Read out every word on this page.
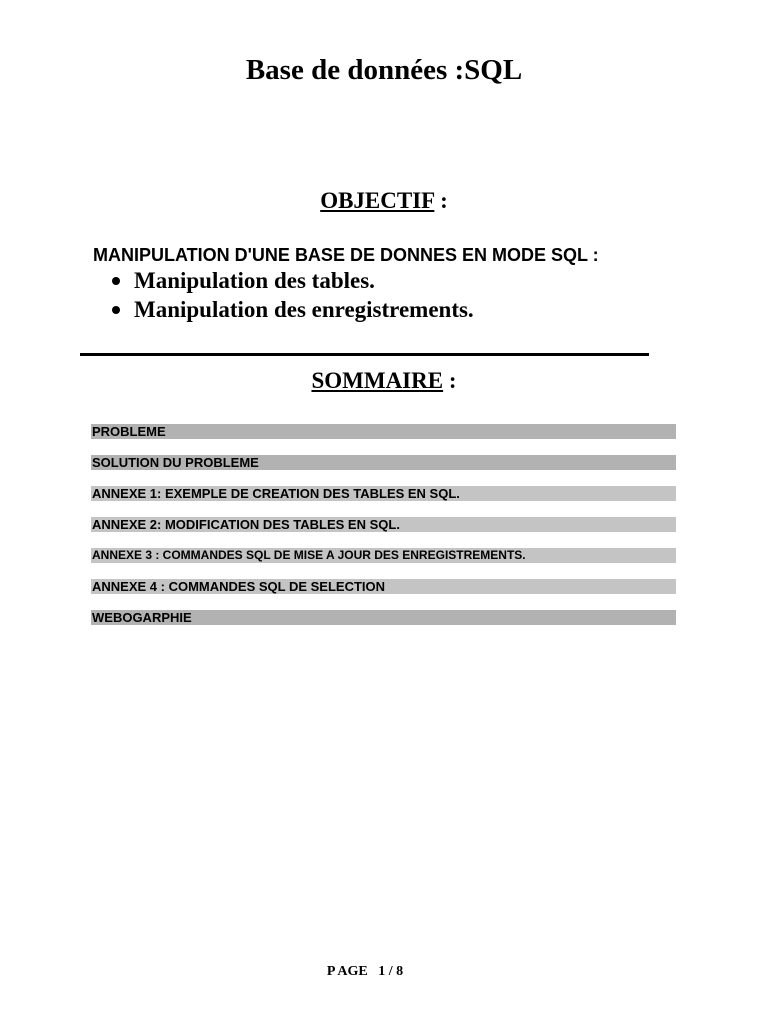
Base de données :SQL
OBJECTIF :

MANIPULATION D'UNE BASE DE DONNES EN MODE SQL :

Manipulation des tables.
Manipulation des enregistrements.
SOMMAIRE :
PROBLEME
SOLUTION DU PROBLEME
ANNEXE 1: EXEMPLE DE CREATION DES TABLES EN SQL.
ANNEXE 2: MODIFICATION DES TABLES EN SQL.
ANNEXE 3 : COMMANDES SQL DE MISE A JOUR DES ENREGISTREMENTS.
ANNEXE 4 : COMMANDES SQL DE SELECTION
WEBOGARPHIE

P AGE   1 / 8
